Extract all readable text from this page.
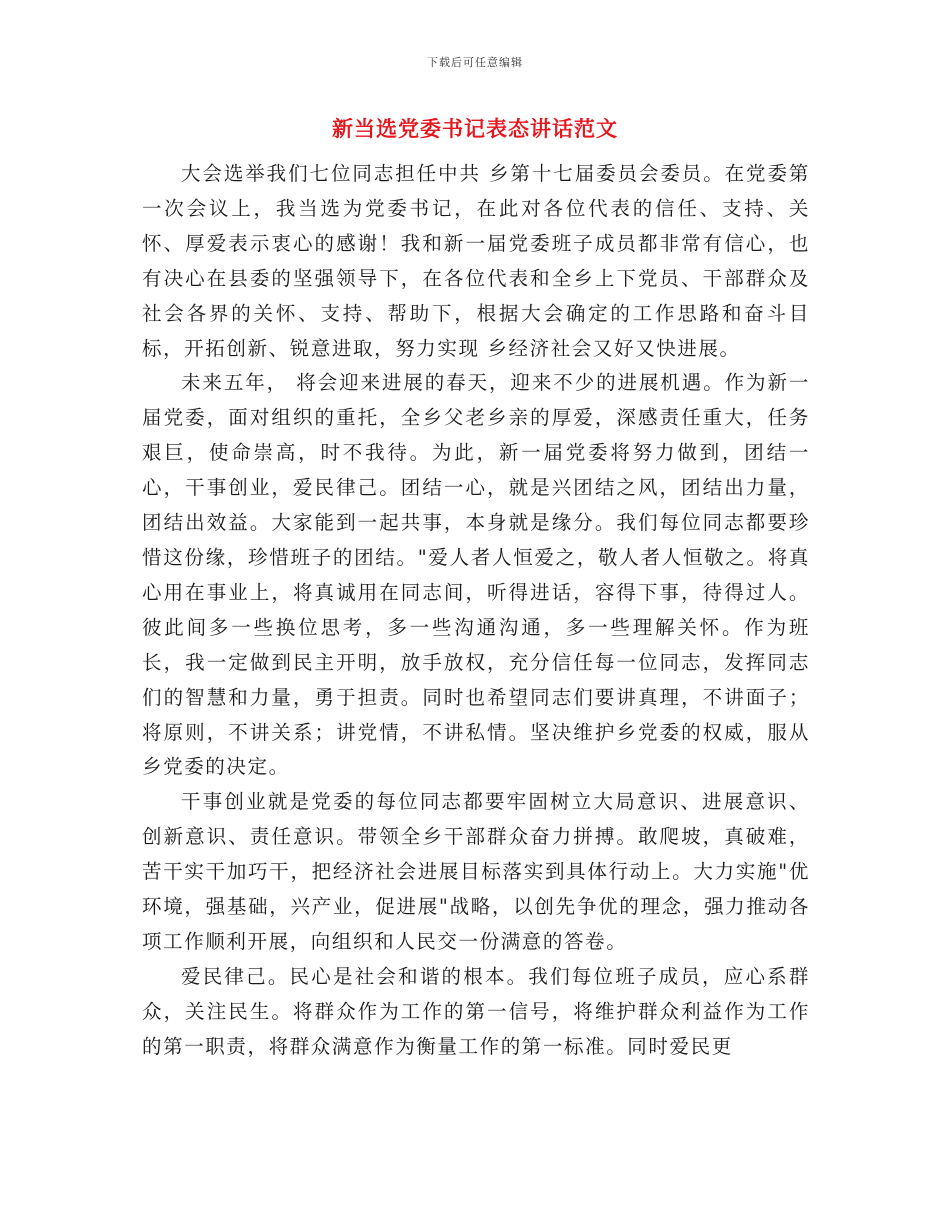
下载后可任意编辑
新当选党委书记表态讲话范文

大会选举我们七位同志担任中共 乡第十七届委员会委员。在党委第一次会议上，我当选为党委书记，在此对各位代表的信任、支持、关怀、厚爱表示衷心的感谢！我和新一届党委班子成员都非常有信心，也有决心在县委的坚强领导下，在各位代表和全乡上下党员、干部群众及社会各界的关怀、支持、帮助下，根据大会确定的工作思路和奋斗目标，开拓创新、锐意进取，努力实现 乡经济社会又好又快进展。

未来五年， 将会迎来进展的春天，迎来不少的进展机遇。作为新一届党委，面对组织的重托，全乡父老乡亲的厚爱，深感责任重大，任务艰巨，使命崇高，时不我待。为此，新一届党委将努力做到，团结一心，干事创业，爱民律己。团结一心，就是兴团结之风，团结出力量，团结出效益。大家能到一起共事，本身就是缘分。我们每位同志都要珍惜这份缘，珍惜班子的团结。"爱人者人恒爱之，敬人者人恒敬之。将真心用在事业上，将真诚用在同志间，听得进话，容得下事，待得过人。彼此间多一些换位思考，多一些沟通沟通，多一些理解关怀。作为班长，我一定做到民主开明，放手放权，充分信任每一位同志，发挥同志们的智慧和力量，勇于担责。同时也希望同志们要讲真理，不讲面子；将原则，不讲关系；讲党情，不讲私情。坚决维护乡党委的权威，服从乡党委的决定。

干事创业就是党委的每位同志都要牢固树立大局意识、进展意识、创新意识、责任意识。带领全乡干部群众奋力拼搏。敢爬坡，真破难，苦干实干加巧干，把经济社会进展目标落实到具体行动上。大力实施"优环境，强基础，兴产业，促进展"战略，以创先争优的理念，强力推动各项工作顺利开展，向组织和人民交一份满意的答卷。

爱民律己。民心是社会和谐的根本。我们每位班子成员，应心系群众，关注民生。将群众作为工作的第一信号，将维护群众利益作为工作的第一职责，将群众满意作为衡量工作的第一标准。同时爱民更
